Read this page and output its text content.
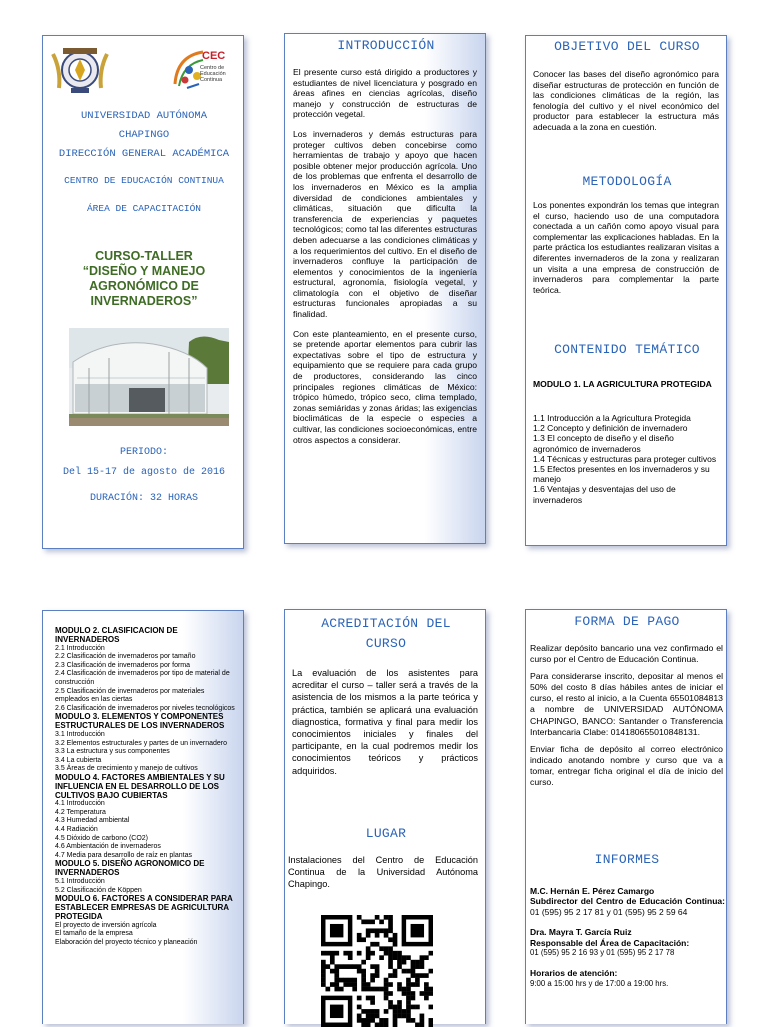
CEC
Centro de
Educación
Continua
UNIVERSIDAD AUTÓNOMA
CHAPINGO
DIRECCIÓN GENERAL ACADÉMICA
CENTRO DE EDUCACIÓN CONTINUA
ÁREA DE CAPACITACIÓN
CURSO-TALLER
“DISEÑO Y MANEJO
AGRONÓMICO DE
INVERNADEROS”
PERIODO:
Del 15-17 de agosto de 2016
DURACIÓN: 32 HORAS
INTRODUCCIÓN

El presente curso está dirigido a productores y estudiantes de nivel licenciatura y posgrado en áreas afines en ciencias agrícolas, diseño manejo y construcción de estructuras de protección vegetal.

Los invernaderos y demás estructuras para proteger cultivos deben concebirse como herramientas de trabajo y apoyo que hacen posible obtener mejor producción agrícola. Uno de los problemas que enfrenta el desarrollo de los invernaderos en México es la amplia diversidad de condiciones ambientales y climáticas, situación que dificulta la transferencia de experiencias y paquetes tecnológicos; como tal las diferentes estructuras deben adecuarse a las condiciones climáticas y a los requerimientos del cultivo. En el diseño de invernaderos confluye la participación de elementos y conocimientos de la ingeniería estructural, agronomía, fisiología vegetal, y climatología con el objetivo de diseñar estructuras funcionales apropiadas a su finalidad.

Con este planteamiento, en el presente curso, se pretende aportar elementos para cubrir las expectativas sobre el tipo de estructura y equipamiento que se requiere para cada grupo de productores, considerando las cinco principales regiones climáticas de México: trópico húmedo, trópico seco, clima templado, zonas semiáridas y zonas áridas; las exigencias bioclimáticas de la especie o especies a cultivar, las condiciones socioeconómicas, entre otros aspectos a considerar.

OBJETIVO DEL CURSO
Conocer las bases del diseño agronómico para diseñar estructuras de protección en función de las condiciones climáticas de la región, las fenología del cultivo y el nivel económico del productor para establecer la estructura más adecuada a la zona en cuestión.
METODOLOGÍA
Los ponentes expondrán los temas que integran el curso, haciendo uso de una computadora conectada a un cañón como apoyo visual para complementar las explicaciones habladas. En la parte práctica los estudiantes realizaran visitas a diferentes invernaderos de la zona y realizaran un visita a una empresa de construcción de invernaderos para complementar la parte teórica.
CONTENIDO TEMÁTICO
MODULO 1. LA AGRICULTURA PROTEGIDA
1.1 Introducción a la Agricultura Protegida
1.2 Concepto y definición de invernadero
1.3 El concepto de diseño y el diseño agronómico de invernaderos
1.4 Técnicas y estructuras para proteger cultivos
1.5 Efectos presentes en los invernaderos y su manejo
1.6 Ventajas y desventajas del uso de invernaderos
MODULO 2. CLASIFICACION DE INVERNADEROS
2.1 Introducción
2.2 Clasificación de invernaderos por tamaño
2.3 Clasificación de invernaderos por forma
2.4 Clasificación de invernaderos por tipo de material de construcción
2.5 Clasificación de invernaderos por materiales empleados en las ciertas
2.6 Clasificación de invernaderos por niveles tecnológicos
MODULO 3. ELEMENTOS Y COMPONENTES ESTRUCTURALES DE LOS INVERNADEROS
3.1 Introducción
3.2 Elementos estructurales y partes de un invernadero
3.3 La estructura y sus componentes
3.4 La cubierta
3.5 Áreas de crecimiento y manejo de cultivos
MODULO 4. FACTORES AMBIENTALES Y SU INFLUENCIA EN EL DESARROLLO DE LOS CULTIVOS BAJO CUBIERTAS
4.1 Introducción
4.2 Temperatura
4.3 Humedad ambiental
4.4 Radiación
4.5 Dióxido de carbono (CO2)
4.6 Ambientación de invernaderos
4.7 Media para desarrollo de raíz en plantas
MODULO 5. DISEÑO AGRONOMICO DE INVERNADEROS
5.1 Introducción
5.2 Clasificación de Köppen
MODULO 6. FACTORES A CONSIDERAR PARA ESTABLECER EMPRESAS DE AGRICULTURA PROTEGIDA
El proyecto de inversión agrícola
El tamaño de la empresa
Elaboración del proyecto técnico y planeación
ACREDITACIÓN DEL
CURSO
La evaluación de los asistentes para acreditar el curso – taller será a través de la asistencia de los mismos a la parte teórica y práctica, también se aplicará una evaluación diagnostica, formativa y final para medir los conocimientos iniciales y finales del participante, en la cual podremos medir los conocimientos teóricos y prácticos adquiridos.
LUGAR
Instalaciones del Centro de Educación Continua de la Universidad Autónoma Chapingo.
FORMA DE PAGO

Realizar depósito bancario una vez confirmado el curso por el Centro de Educación Continua.

Para considerarse inscrito, depositar al menos el 50% del costo 8 días hábiles antes de iniciar el curso, el resto al inicio, a la Cuenta 65501084813 a nombre de UNIVERSIDAD AUTÓNOMA CHAPINGO, BANCO: Santander o Transferencia Interbancaria Clabe: 014180655010848131.

Enviar ficha de depósito al correo electrónico indicado anotando nombre y curso que va a tomar, entregar ficha original el día de inicio del curso.

INFORMES
M.C. Hernán E. Pérez Camargo
Subdirector del Centro de Educación Continua: 01 (595) 95 2 17 81 y 01 (595) 95 2 59 64
Dra. Mayra T. García Ruiz
Responsable del Área de Capacitación:
01 (595) 95 2 16 93 y 01 (595) 95 2 17 78
Horarios de atención:
9:00 a 15:00 hrs y de 17:00 a 19:00 hrs.
